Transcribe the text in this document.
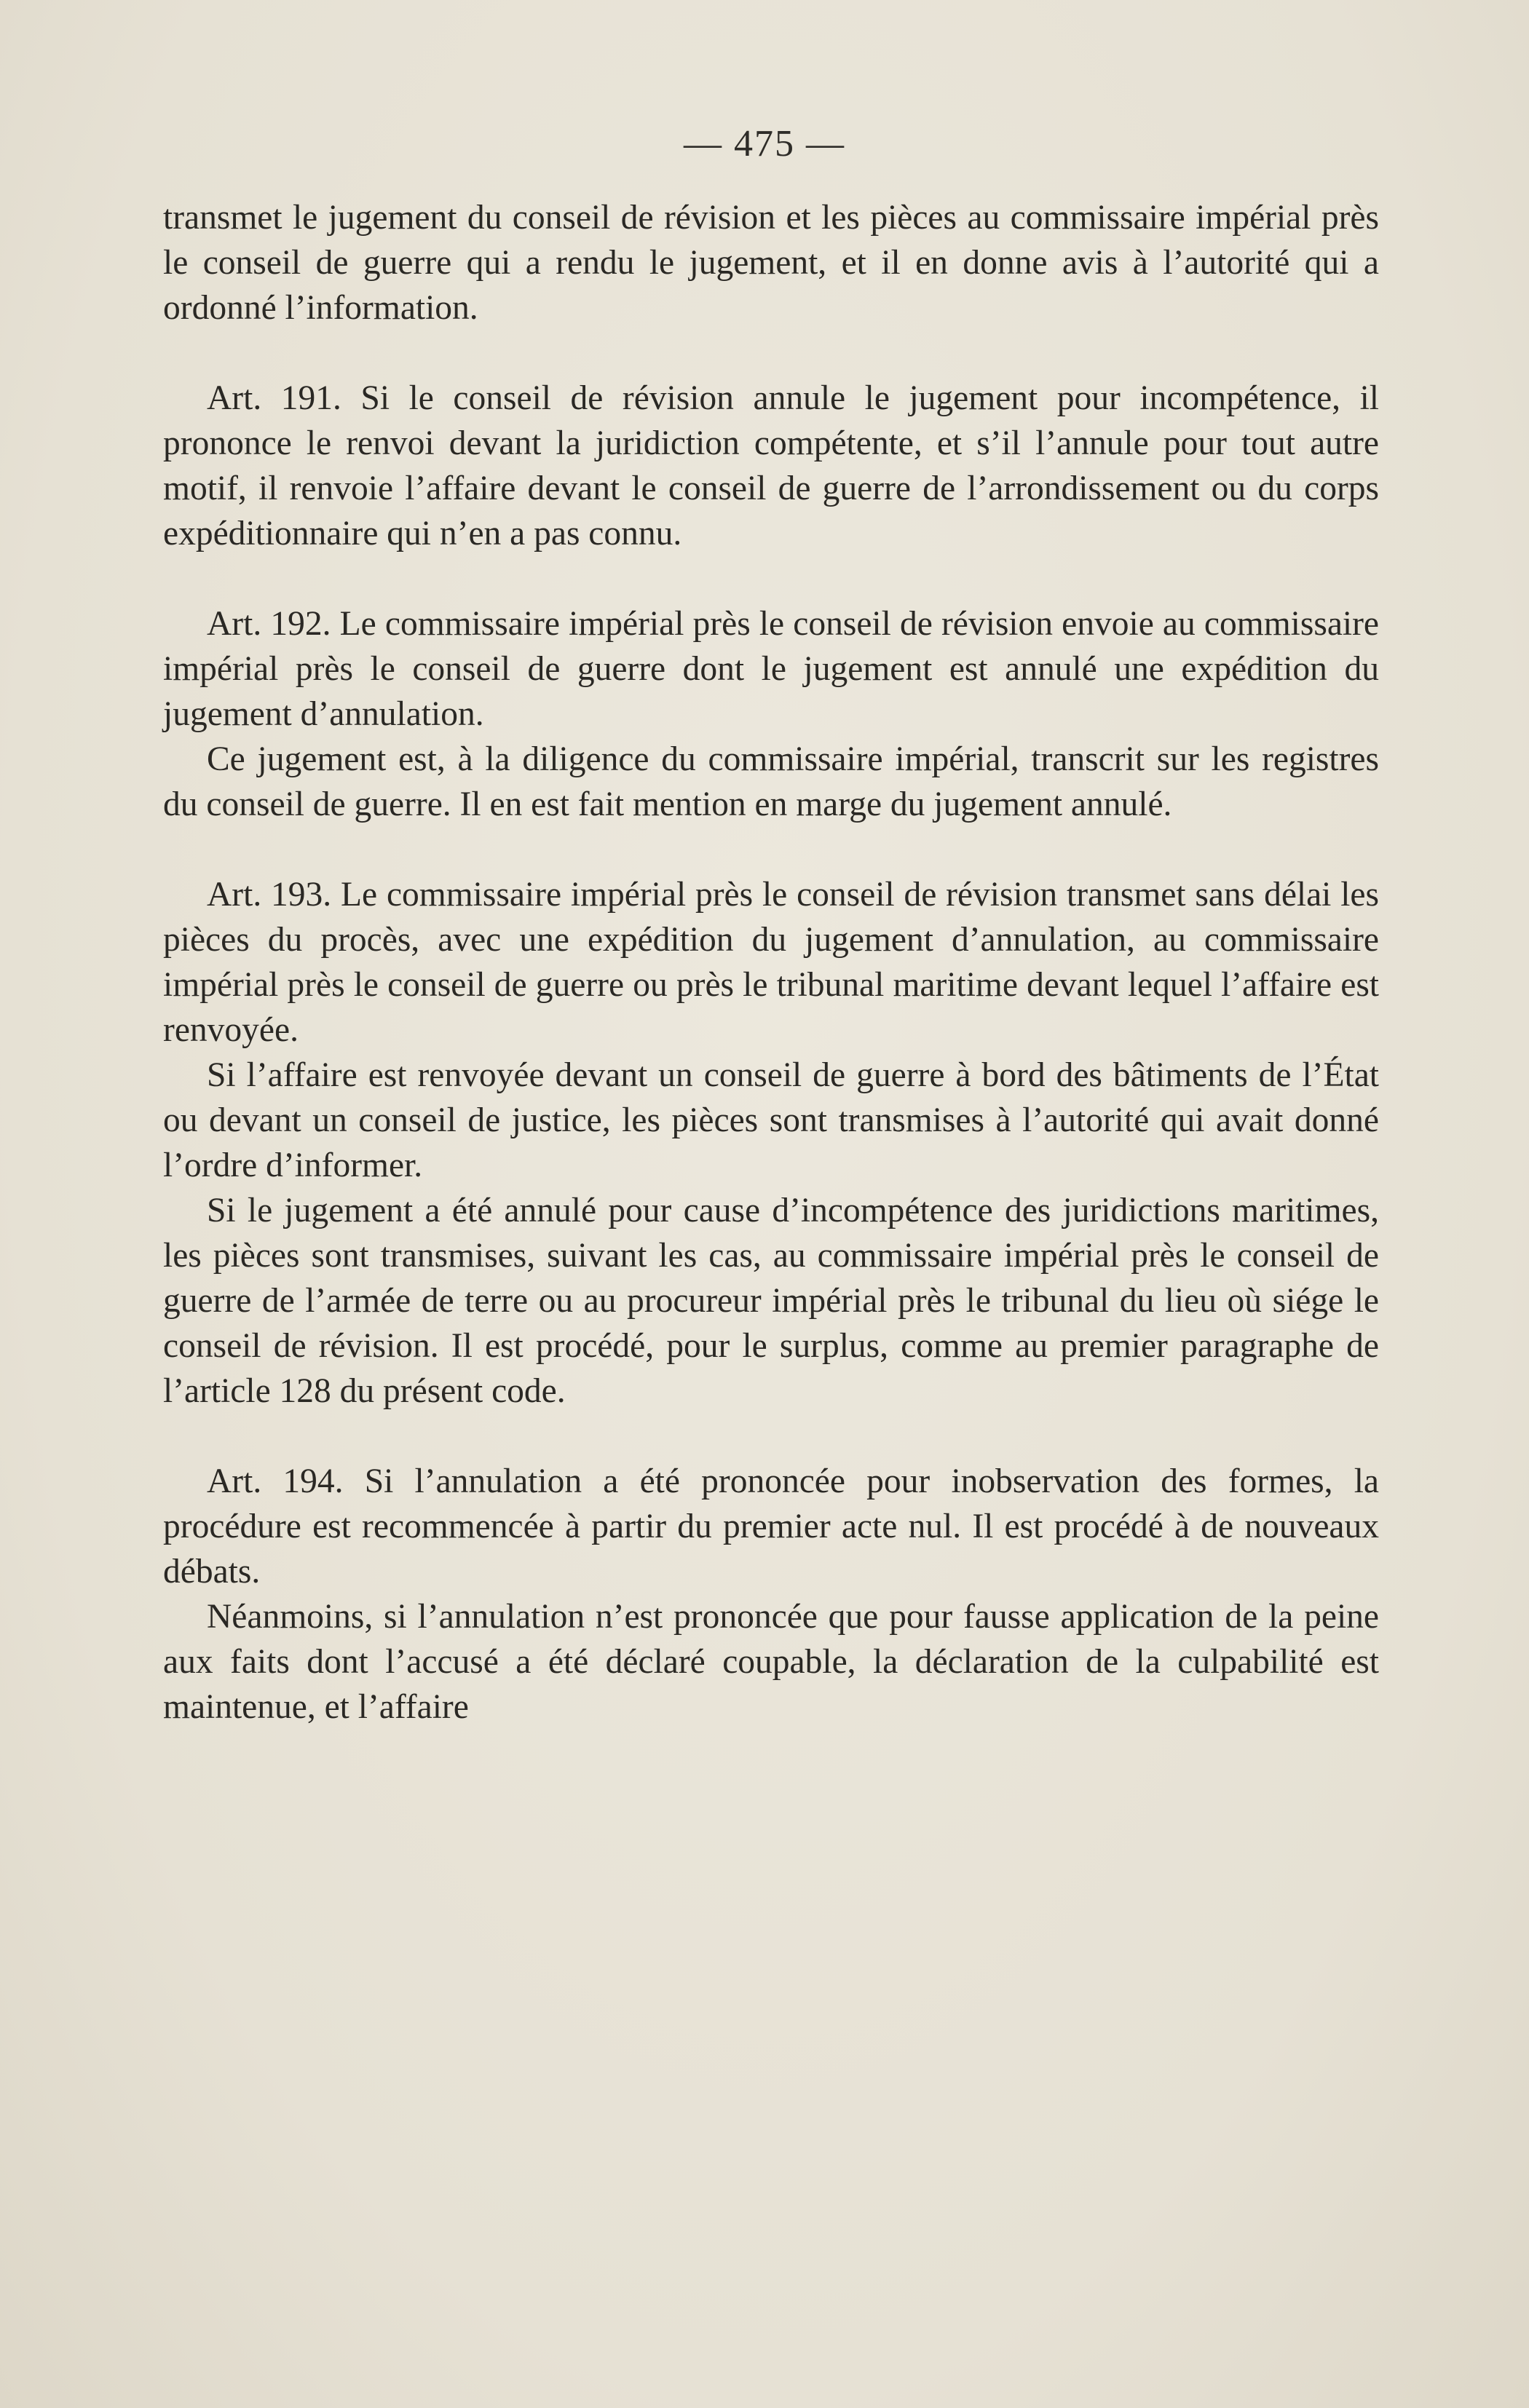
— 475 —

transmet le jugement du conseil de révision et les pièces au commissaire impérial près le conseil de guerre qui a rendu le jugement, et il en donne avis à l’autorité qui a ordonné l’information.

Art. 191. Si le conseil de révision annule le jugement pour incompétence, il prononce le renvoi devant la juridiction compétente, et s’il l’annule pour tout autre motif, il renvoie l’affaire devant le conseil de guerre de l’arrondissement ou du corps expéditionnaire qui n’en a pas connu.

Art. 192. Le commissaire impérial près le conseil de révision envoie au commissaire impérial près le conseil de guerre dont le jugement est annulé une expédition du jugement d’annulation.

Ce jugement est, à la diligence du commissaire impérial, transcrit sur les registres du conseil de guerre. Il en est fait mention en marge du jugement annulé.

Art. 193. Le commissaire impérial près le conseil de révision transmet sans délai les pièces du procès, avec une expédition du jugement d’annulation, au commissaire impérial près le conseil de guerre ou près le tribunal maritime devant lequel l’affaire est renvoyée.

Si l’affaire est renvoyée devant un conseil de guerre à bord des bâtiments de l’État ou devant un conseil de justice, les pièces sont transmises à l’autorité qui avait donné l’ordre d’informer.

Si le jugement a été annulé pour cause d’incompétence des juridictions maritimes, les pièces sont transmises, suivant les cas, au commissaire impérial près le conseil de guerre de l’armée de terre ou au procureur impérial près le tribunal du lieu où siége le conseil de révision. Il est procédé, pour le surplus, comme au premier paragraphe de l’article 128 du présent code.

Art. 194. Si l’annulation a été prononcée pour inobservation des formes, la procédure est recommencée à partir du premier acte nul. Il est procédé à de nouveaux débats.

Néanmoins, si l’annulation n’est prononcée que pour fausse application de la peine aux faits dont l’accusé a été déclaré coupable, la déclaration de la culpabilité est maintenue, et l’affaire
